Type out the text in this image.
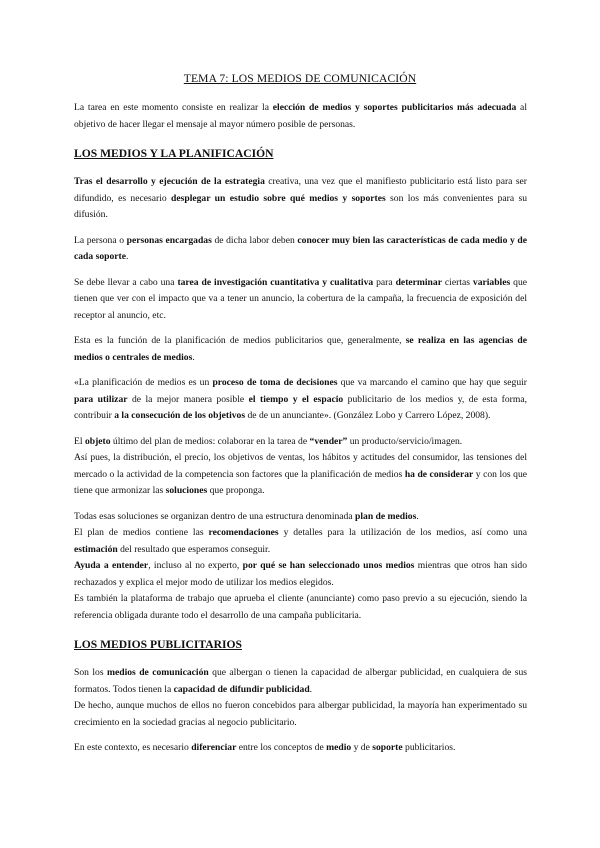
TEMA 7: LOS MEDIOS DE COMUNICACIÓN

La tarea en este momento consiste en realizar la elección de medios y soportes publicitarios más adecuada al objetivo de hacer llegar el mensaje al mayor número posible de personas.

LOS MEDIOS Y LA PLANIFICACIÓN

Tras el desarrollo y ejecución de la estrategia creativa, una vez que el manifiesto publicitario está listo para ser difundido, es necesario desplegar un estudio sobre qué medios y soportes son los más convenientes para su difusión.

La persona o personas encargadas de dicha labor deben conocer muy bien las características de cada medio y de cada soporte.

Se debe llevar a cabo una tarea de investigación cuantitativa y cualitativa para determinar ciertas variables que tienen que ver con el impacto que va a tener un anuncio, la cobertura de la campaña, la frecuencia de exposición del receptor al anuncio, etc.

Esta es la función de la planificación de medios publicitarios que, generalmente, se realiza en las agencias de medios o centrales de medios.

«La planificación de medios es un proceso de toma de decisiones que va marcando el camino que hay que seguir para utilizar de la mejor manera posible el tiempo y el espacio publicitario de los medios y, de esta forma, contribuir a la consecución de los objetivos de de un anunciante». (González Lobo y Carrero López, 2008).

El objeto último del plan de medios: colaborar en la tarea de “vender” un producto/servicio/imagen.
Así pues, la distribución, el precio, los objetivos de ventas, los hábitos y actitudes del consumidor, las tensiones del mercado o la actividad de la competencia son factores que la planificación de medios ha de considerar y con los que tiene que armonizar las soluciones que proponga.

Todas esas soluciones se organizan dentro de una estructura denominada plan de medios.
El plan de medios contiene las recomendaciones y detalles para la utilización de los medios, así como una estimación del resultado que esperamos conseguir.
Ayuda a entender, incluso al no experto, por qué se han seleccionado unos medios mientras que otros han sido rechazados y explica el mejor modo de utilizar los medios elegidos.
Es también la plataforma de trabajo que aprueba el cliente (anunciante) como paso previo a su ejecución, siendo la referencia obligada durante todo el desarrollo de una campaña publicitaria.

LOS MEDIOS PUBLICITARIOS

Son los medios de comunicación que albergan o tienen la capacidad de albergar publicidad, en cualquiera de sus formatos. Todos tienen la capacidad de difundir publicidad.
De hecho, aunque muchos de ellos no fueron concebidos para albergar publicidad, la mayoría han experimentado su crecimiento en la sociedad gracias al negocio publicitario.

En este contexto, es necesario diferenciar entre los conceptos de medio y de soporte publicitarios.
